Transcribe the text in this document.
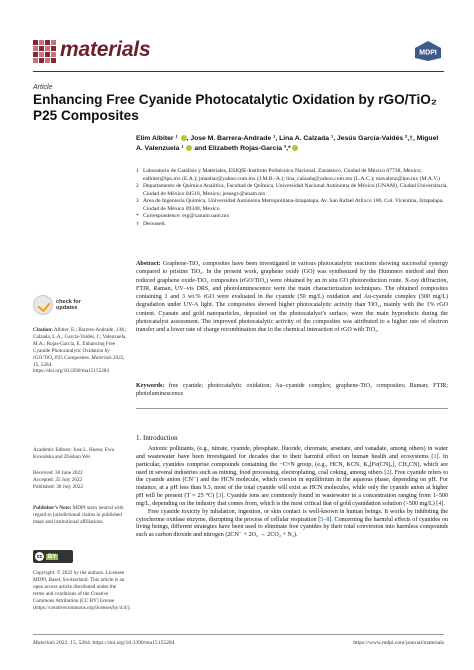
materials	MDPI
Article
Enhancing Free Cyanide Photocatalytic Oxidation by rGO/TiO₂ P25 Composites
Elim Albiter ¹ , Jose M. Barrera-Andrade ¹, Lina A. Calzada ¹, Jesús García-Valdés ²,†, Miguel A. Valenzuela ¹  and Elizabeth Rojas-García ³,*
1 Laboratorio de Catálisis y Materiales, ESIQIE-Instituto Politécnico Nacional, Zacatenco, Ciudad de México 07738, Mexico; ealbiter@ipn.mx (E.A.); jmanbar@yahoo.com.mx (J.M.B.-A.); lina_calzada@yahoo.com.mx (L.A.C.); mavalenz@ipn.mx (M.A.V.)
2 Departamento de Química Analítica, Facultad de Química, Universidad Nacional Autónoma de México (UNAM), Ciudad Universitaria, Ciudad de México 04510, Mexico; jesusgv@unam.mx
3 Área de Ingeniería Química, Universidad Autónoma Metropolitana-Iztapalapa, Av. San Rafael Atlixco 186, Col. Vicentina, Iztapalapa, Ciudad de México 09340, Mexico
* Correspondence: erg@xanum.uam.mx
† Deceased.
Abstract: Graphene-TiO₂ composites have been investigated in various photocatalytic reactions showing successful synergy compared to pristine TiO₂. In the present work, graphene oxide (GO) was synthesized by the Hummers method and then reduced graphene oxide-TiO₂ composites (rGO/TiO₂) were obtained by an in situ GO photoreduction route. X-ray diffraction, FTIR, Raman, UV–vis DRS, and photoluminescence were the main characterization techniques. The obtained composites containing 1 and 3 wt.% rGO were evaluated in the cyanide (50 mg/L) oxidation and Au-cyanide complex (300 mg/L) degradation under UV-A light. The composites showed higher photocatalytic activity than TiO₂, mainly with the 1% rGO content. Cyanate and gold nanoparticles, deposited on the photocatalyst’s surface, were the main byproducts during the photocatalyst assessment. The improved photocatalytic activity of the composites was attributed to a higher rate of electron transfer and a lower rate of charge recombination due to the chemical interaction of rGO with TiO₂.
Keywords: free cyanide; photocatalytic oxidation; Au–cyanide complex; graphene-TiO₂ composites; Raman; FTIR; photoluminescence
1. Introduction

Anionic pollutants, (e.g., nitrate, cyanide, phosphate, fluoride, chromate, arsenate, and vanadate, among others) in water and wastewater have been investigated for decades due to their harmful effect on human health and ecosystems [1]. In particular, cyanides comprise compounds containing the −C≡N group, (e.g., HCN, KCN, K₄[Fe(CN)₆], CH₃CN), which are used in several industries such as mining, food processing, electroplating, coal coking, among others [2]. Free cyanide refers to the cyanide anion (CN⁻) and the HCN molecule, which coexist in equilibrium in the aqueous phase, depending on pH. For instance, at a pH less than 9.3, most of the total cyanide will exist as HCN molecules, while only the cyanide anion at higher pH will be present (T = 25 °C) [3]. Cyanide ions are commonly found in wastewater in a concentration ranging from 1–500 mg/L, depending on the industry that comes from, which is the most critical that of gold cyanidation solution (>500 mg/L) [4].

Free cyanide toxicity by inhalation, ingestion, or skin contact is well-known in human beings. It works by inhibiting the cytochrome oxidase enzyme, disrupting the process of cellular respiration [5–8]. Concerning the harmful effects of cyanides on living beings, different strategies have been used to eliminate free cyanides by their total conversion into harmless compounds such as carbon dioxide and nitrogen (2CN⁻ + 2O₂ → 2CO₂ + N₂).

check for
updates
Citation: Albiter, E.; Barrera-Andrade, J.M.; Calzada, L.A.; García-Valdés, J.; Valenzuela, M.A.; Rojas-García, E. Enhancing Free Cyanide Photocatalytic Oxidation by rGO/TiO₂ P25 Composites. Materials 2022, 15, 5284. https://doi.org/10.3390/ma15155284
Academic Editors: Jose L. Hueso, Ewa Kowalska and Zhishun Wei
Received: 30 June 2022
Accepted: 25 July 2022
Published: 30 July 2022
Publisher’s Note: MDPI stays neutral with regard to jurisdictional claims in published maps and institutional affiliations.
cc BY
Copyright: © 2022 by the authors. Licensee MDPI, Basel, Switzerland. This article is an open access article distributed under the terms and conditions of the Creative Commons Attribution (CC BY) license (https://creativecommons.org/licenses/by/4.0/).
Materials 2022, 15, 5284. https://doi.org/10.3390/ma15155284	https://www.mdpi.com/journal/materials
